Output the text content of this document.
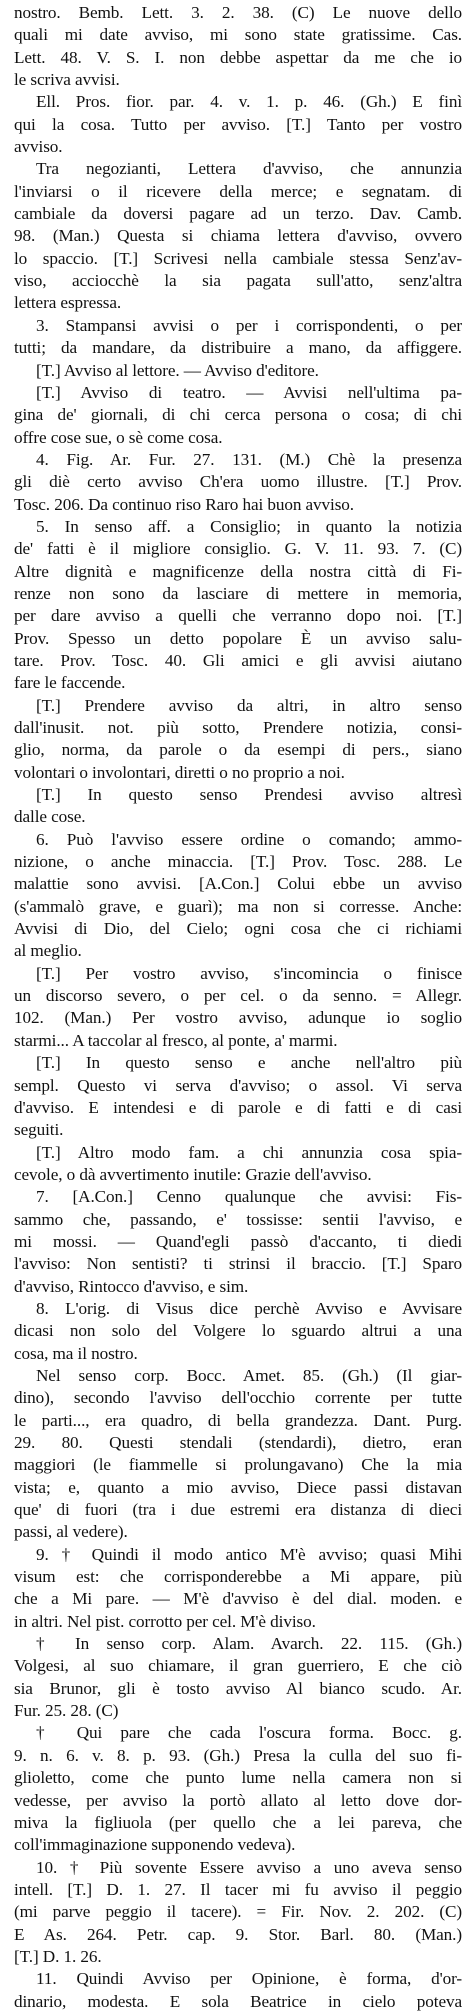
nostro. Bemb. Lett. 3. 2. 38. (C) Le nuove dello
quali mi date avviso, mi sono state gratissime. Cas.
Lett. 48. V. S. I. non debbe aspettar da me che io
le scriva avvisi.
Ell. Pros. fior. par. 4. v. 1. p. 46. (Gh.) E finì
qui la cosa. Tutto per avviso. [T.] Tanto per vostro
avviso.
Tra negozianti, Lettera d'avviso, che annunzia
l'inviarsi o il ricevere della merce; e segnatam. di
cambiale da doversi pagare ad un terzo. Dav. Camb.
98. (Man.) Questa si chiama lettera d'avviso, ovvero
lo spaccio. [T.] Scrivesi nella cambiale stessa Senz'av-
viso, acciocchè la sia pagata sull'atto, senz'altra
lettera espressa.
3. Stampansi avvisi o per i corrispondenti, o per
tutti; da mandare, da distribuire a mano, da affiggere.
[T.] Avviso al lettore. — Avviso d'editore.
[T.] Avviso di teatro. — Avvisi nell'ultima pa-
gina de' giornali, di chi cerca persona o cosa; di chi
offre cose sue, o sè come cosa.
4. Fig. Ar. Fur. 27. 131. (M.) Chè la presenza
gli diè certo avviso Ch'era uomo illustre. [T.] Prov.
Tosc. 206. Da continuo riso Raro hai buon avviso.
5. In senso aff. a Consiglio; in quanto la notizia
de' fatti è il migliore consiglio. G. V. 11. 93. 7. (C)
Altre dignità e magnificenze della nostra città di Fi-
renze non sono da lasciare di mettere in memoria,
per dare avviso a quelli che verranno dopo noi. [T.]
Prov. Spesso un detto popolare È un avviso salu-
tare. Prov. Tosc. 40. Gli amici e gli avvisi aiutano
fare le faccende.
[T.] Prendere avviso da altri, in altro senso
dall'inusit. not. più sotto, Prendere notizia, consi-
glio, norma, da parole o da esempi di pers., siano
volontari o involontari, diretti o no proprio a noi.
[T.] In questo senso Prendesi avviso altresì
dalle cose.
6. Può l'avviso essere ordine o comando; ammo-
nizione, o anche minaccia. [T.] Prov. Tosc. 288. Le
malattie sono avvisi. [A.Con.] Colui ebbe un avviso
(s'ammalò grave, e guarì); ma non si corresse. Anche:
Avvisi di Dio, del Cielo; ogni cosa che ci richiami
al meglio.
[T.] Per vostro avviso, s'incomincia o finisce
un discorso severo, o per cel. o da senno. = Allegr.
102. (Man.) Per vostro avviso, adunque io soglio
starmi... A taccolar al fresco, al ponte, a' marmi.
[T.] In questo senso e anche nell'altro più
sempl. Questo vi serva d'avviso; o assol. Vi serva
d'avviso. E intendesi e di parole e di fatti e di casi
seguiti.
[T.] Altro modo fam. a chi annunzia cosa spia-
cevole, o dà avvertimento inutile: Grazie dell'avviso.
7. [A.Con.] Cenno qualunque che avvisi: Fis-
sammo che, passando, e' tossisse: sentii l'avviso, e
mi mossi. — Quand'egli passò d'accanto, ti diedi
l'avviso: Non sentisti? ti strinsi il braccio. [T.] Sparo
d'avviso, Rintocco d'avviso, e sim.
8. L'orig. di Visus dice perchè Avviso e Avvisare
dicasi non solo del Volgere lo sguardo altrui a una
cosa, ma il nostro.
Nel senso corp. Bocc. Amet. 85. (Gh.) (Il giar-
dino), secondo l'avviso dell'occhio corrente per tutte
le parti..., era quadro, di bella grandezza. Dant. Purg.
29. 80. Questi stendali (stendardi), dietro, eran
maggiori (le fiammelle si prolungavano) Che la mia
vista; e, quanto a mio avviso, Diece passi distavan
que' di fuori (tra i due estremi era distanza di dieci
passi, al vedere).
9. † Quindi il modo antico M'è avviso; quasi Mihi
visum est: che corrisponderebbe a Mi appare, più
che a Mi pare. — M'è d'avviso è del dial. moden. e
in altri. Nel pist. corrotto per cel. M'è diviso.
† In senso corp. Alam. Avarch. 22. 115. (Gh.)
Volgesi, al suo chiamare, il gran guerriero, E che ciò
sia Brunor, gli è tosto avviso Al bianco scudo. Ar.
Fur. 25. 28. (C)
† Qui pare che cada l'oscura forma. Bocc. g.
9. n. 6. v. 8. p. 93. (Gh.) Presa la culla del suo fi-
glioletto, come che punto lume nella camera non si
vedesse, per avviso la portò allato al letto dove dor-
miva la figliuola (per quello che a lei pareva, che
coll'immaginazione supponendo vedeva).
10. † Più sovente Essere avviso a uno aveva senso
intell. [T.] D. 1. 27. Il tacer mi fu avviso il peggio
(mi parve peggio il tacere). = Fir. Nov. 2. 202. (C)
E As. 264. Petr. cap. 9. Stor. Barl. 80. (Man.)
[T.] D. 1. 26.
11. Quindi Avviso per Opinione, è forma, d'or-
dinario, modesta. E sola Beatrice in cielo poteva
